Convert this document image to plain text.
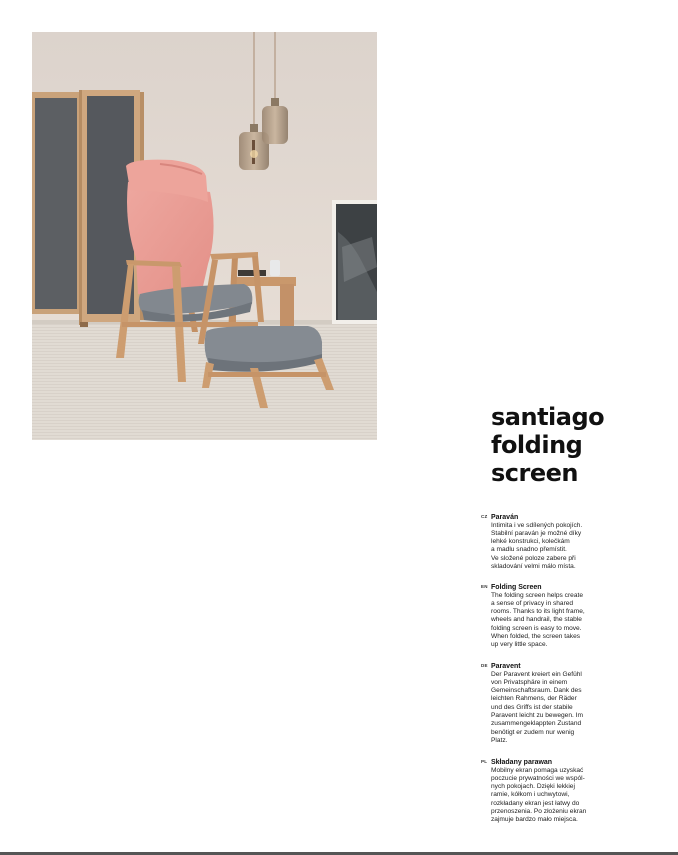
santiago
folding
screen
CZ Paraván

Intimita i ve sdílených pokojích.
Stabilní paraván je možné díky
lehké konstrukci, kolečkám
a madlu snadno přemístit.
Ve složené poloze zabere při
skladování velmi málo místa.

EN Folding Screen

The folding screen helps create
a sense of privacy in shared
rooms. Thanks to its light frame,
wheels and handrail, the stable
folding screen is easy to move.
When folded, the screen takes
up very little space.

DE Paravent

Der Paravent kreiert ein Gefühl
von Privatsphäre in einem
Gemeinschaftsraum. Dank des
leichten Rahmens, der Räder
und des Griffs ist der stabile
Paravent leicht zu bewegen. Im
zusammengeklappten Zustand
benötigt er zudem nur wenig
Platz.

PL Składany parawan

Mobilny ekran pomaga uzyskać
poczucie prywatności we wspól-
nych pokojach. Dzięki lekkiej
ramie, kółkom i uchwytowi,
rozkładany ekran jest łatwy do
przenoszenia. Po złożeniu ekran
zajmuje bardzo mało miejsca.
